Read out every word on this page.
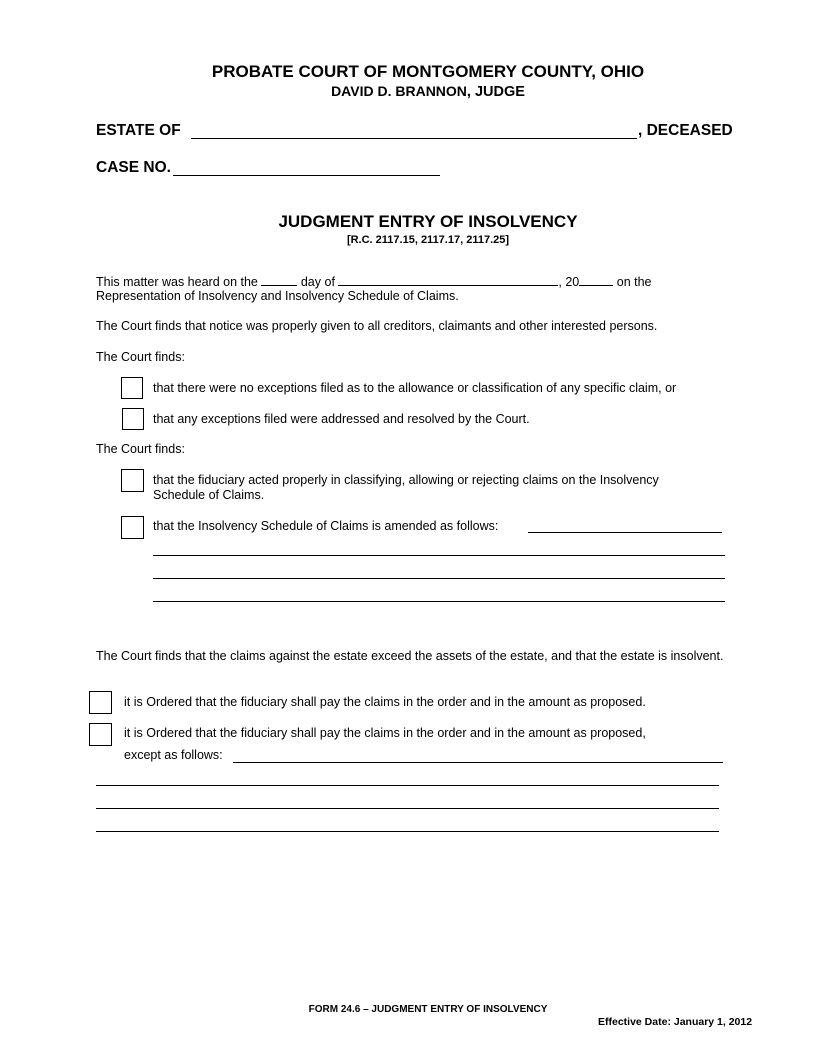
PROBATE COURT OF MONTGOMERY COUNTY, OHIO
DAVID D. BRANNON, JUDGE
ESTATE OF	, DECEASED
CASE NO.
JUDGMENT ENTRY OF INSOLVENCY
[R.C. 2117.15, 2117.17, 2117.25]
This matter was heard on the	day of	, 20	on the
Representation of Insolvency and Insolvency Schedule of Claims.
The Court finds that notice was properly given to all creditors, claimants and other interested persons.
The Court finds:
that there were no exceptions filed as to the allowance or classification of any specific claim, or
that any exceptions filed were addressed and resolved by the Court.
The Court finds:
that the fiduciary acted properly in classifying, allowing or rejecting claims on the Insolvency
Schedule of Claims.
that the Insolvency Schedule of Claims is amended as follows:
The Court finds that the claims against the estate exceed the assets of the estate, and that the estate is insolvent.
it is Ordered that the fiduciary shall pay the claims in the order and in the amount as proposed.
it is Ordered that the fiduciary shall pay the claims in the order and in the amount as proposed,
except as follows:
FORM 24.6 – JUDGMENT ENTRY OF INSOLVENCY
Effective Date: January 1, 2012
